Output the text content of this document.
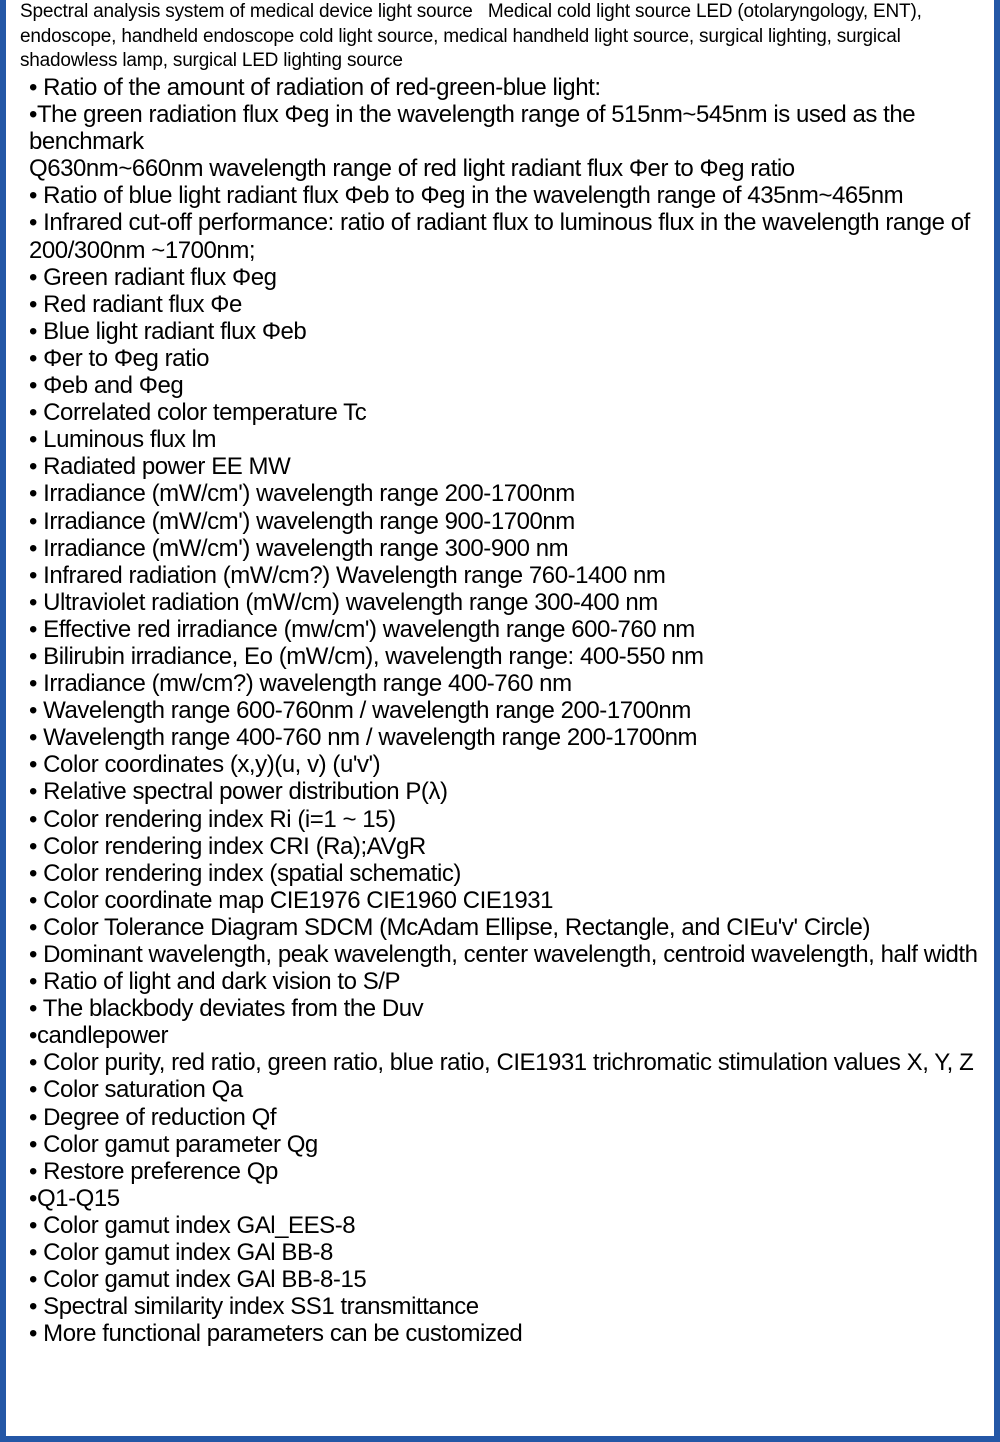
Spectral analysis system of medical device light source   Medical cold light source LED (otolaryngology, ENT), endoscope, handheld endoscope cold light source, medical handheld light source, surgical lighting, surgical shadowless lamp, surgical LED lighting source
• Ratio of the amount of radiation of red-green-blue light:
•The green radiation flux Φeg in the wavelength range of 515nm~545nm is used as the benchmark
Q630nm~660nm wavelength range of red light radiant flux Φer to Φeg ratio
• Ratio of blue light radiant flux Φeb to Φeg in the wavelength range of 435nm~465nm
• Infrared cut-off performance: ratio of radiant flux to luminous flux in the wavelength range of 200/300nm ~1700nm;
• Green radiant flux Φeg
• Red radiant flux Φe
• Blue light radiant flux Φeb
• Φer to Φeg ratio
• Φeb and Φeg
• Correlated color temperature Tc
• Luminous flux lm
• Radiated power EE MW
• Irradiance (mW/cm') wavelength range 200-1700nm
• Irradiance (mW/cm') wavelength range 900-1700nm
• Irradiance (mW/cm') wavelength range 300-900 nm
• Infrared radiation (mW/cm?) Wavelength range 760-1400 nm
• Ultraviolet radiation (mW/cm) wavelength range 300-400 nm
• Effective red irradiance (mw/cm') wavelength range 600-760 nm
• Bilirubin irradiance, Eo (mW/cm), wavelength range: 400-550 nm
• Irradiance (mw/cm?) wavelength range 400-760 nm
• Wavelength range 600-760nm / wavelength range 200-1700nm
• Wavelength range 400-760 nm / wavelength range 200-1700nm
• Color coordinates (x,y)(u, v) (u'v')
• Relative spectral power distribution P(λ)
• Color rendering index Ri (i=1 ~ 15)
• Color rendering index CRI (Ra);AVgR
• Color rendering index (spatial schematic)
• Color coordinate map CIE1976 CIE1960 CIE1931
• Color Tolerance Diagram SDCM (McAdam Ellipse, Rectangle, and CIEu'v' Circle)
• Dominant wavelength, peak wavelength, center wavelength, centroid wavelength, half width
• Ratio of light and dark vision to S/P
• The blackbody deviates from the Duv
•candlepower
• Color purity, red ratio, green ratio, blue ratio, CIE1931 trichromatic stimulation values X, Y, Z
• Color saturation Qa
• Degree of reduction Qf
• Color gamut parameter Qg
• Restore preference Qp
•Q1-Q15
• Color gamut index GAl_EES-8
• Color gamut index GAl BB-8
• Color gamut index GAl BB-8-15
• Spectral similarity index SS1 transmittance
• More functional parameters can be customized
